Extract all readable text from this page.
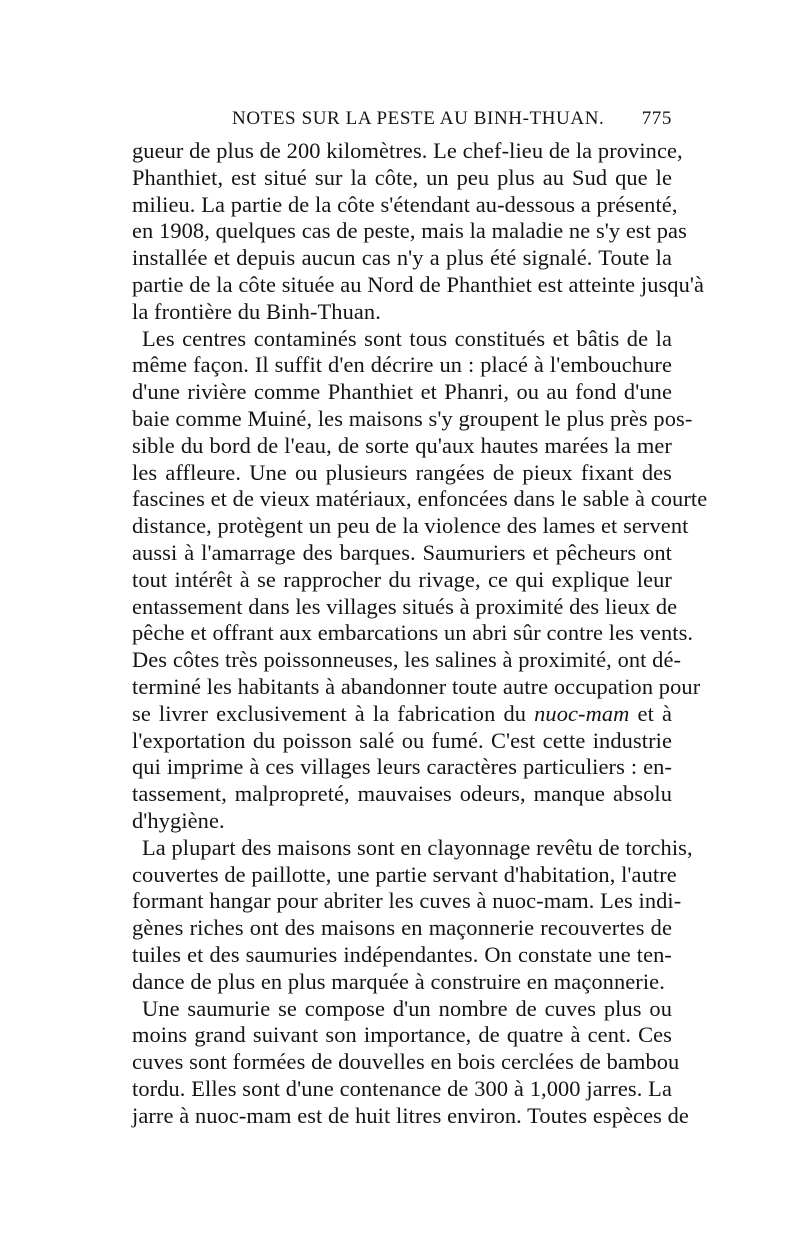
NOTES SUR LA PESTE AU BINH-THUAN. 775
gueur de plus de 200 kilomètres. Le chef-lieu de la province,
Phanthiet, est situé sur la côte, un peu plus au Sud que le
milieu. La partie de la côte s'étendant au-dessous a présenté,
en 1908, quelques cas de peste, mais la maladie ne s'y est pas
installée et depuis aucun cas n'y a plus été signalé. Toute la
partie de la côte située au Nord de Phanthiet est atteinte jusqu'à
la frontière du Binh-Thuan.
Les centres contaminés sont tous constitués et bâtis de la
même façon. Il suffit d'en décrire un : placé à l'embouchure
d'une rivière comme Phanthiet et Phanri, ou au fond d'une
baie comme Muiné, les maisons s'y groupent le plus près pos-
sible du bord de l'eau, de sorte qu'aux hautes marées la mer
les affleure. Une ou plusieurs rangées de pieux fixant des
fascines et de vieux matériaux, enfoncées dans le sable à courte
distance, protègent un peu de la violence des lames et servent
aussi à l'amarrage des barques. Saumuriers et pêcheurs ont
tout intérêt à se rapprocher du rivage, ce qui explique leur
entassement dans les villages situés à proximité des lieux de
pêche et offrant aux embarcations un abri sûr contre les vents.
Des côtes très poissonneuses, les salines à proximité, ont dé-
terminé les habitants à abandonner toute autre occupation pour
se livrer exclusivement à la fabrication du nuoc-mam et à
l'exportation du poisson salé ou fumé. C'est cette industrie
qui imprime à ces villages leurs caractères particuliers : en-
tassement, malpropreté, mauvaises odeurs, manque absolu
d'hygiène.
La plupart des maisons sont en clayonnage revêtu de torchis,
couvertes de paillotte, une partie servant d'habitation, l'autre
formant hangar pour abriter les cuves à nuoc-mam. Les indi-
gènes riches ont des maisons en maçonnerie recouvertes de
tuiles et des saumuries indépendantes. On constate une ten-
dance de plus en plus marquée à construire en maçonnerie.
Une saumurie se compose d'un nombre de cuves plus ou
moins grand suivant son importance, de quatre à cent. Ces
cuves sont formées de douvelles en bois cerclées de bambou
tordu. Elles sont d'une contenance de 300 à 1,000 jarres. La
jarre à nuoc-mam est de huit litres environ. Toutes espèces de
